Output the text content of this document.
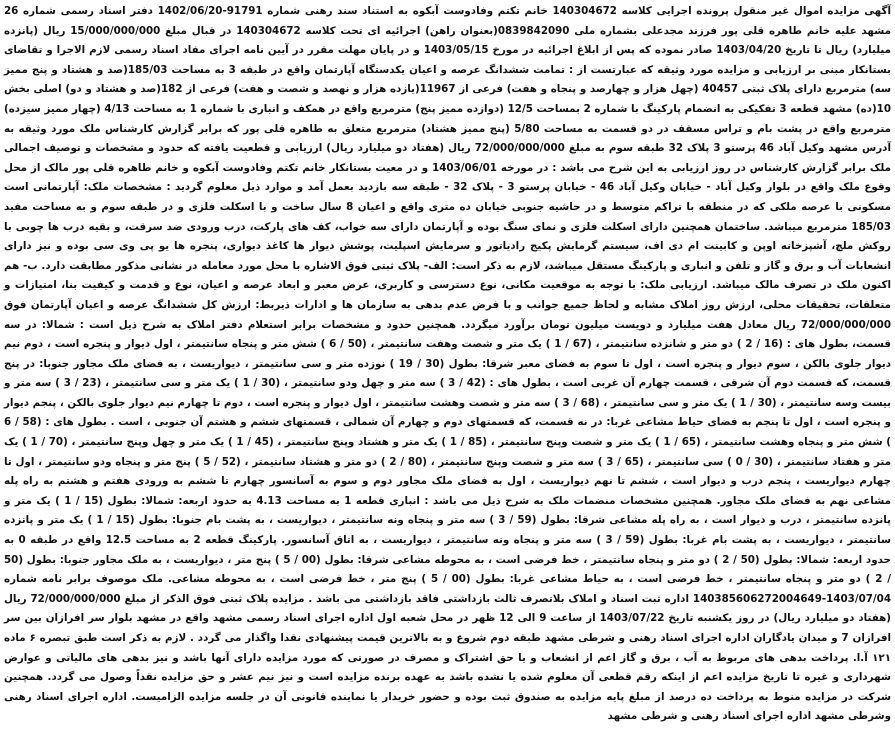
آگهی مزایده اموال غیر منقول پرونده اجرایی کلاسه 140304672 خانم تکتم وفادوست آبکوه به استناد سند رهنی شماره 91791-1402/06/20 دفتر اسناد رسمی شماره 26 مشهد علیه خانم طاهره قلی پور فرزند مجدعلی بشماره ملی 0839842090(بعنوان راهن) اجرائیه ای تحت کلاسه 140304672 در قبال مبلغ 15/000/000/000 ریال (پانزده میلیارد) ریال تا تاریخ 1403/04/20 صادر نموده که پس از ابلاغ اجرائیه در مورخ 1403/05/15 و در پایان مهلت مقرر در آیین نامه اجرای مفاد اسناد رسمی لازم الاجرا و تقاضای بستانکار مبنی بر ارزیابی و مزایده مورد وثیقه که عبارتست از : تمامت ششدانگ عرصه و اعیان یکدستگاه آپارتمان واقع در طبقه 3 به مساحت 185/03(صد و هشتاد و پنج ممیز سه) مترمربع دارای پلاک ثبتی 40457 (چهل هزار و چهارصد و پنجاه و هفت) فرعی از 11967(یازده هزار و نهصد و شصت و هفت) فرعی از 182(صد و هشتاد و دو) اصلی بخش 10(ده) مشهد قطعه 3 تفکیکی به انضمام پارکینگ با شماره 2 بمساحت 12/5 (دوازده ممیز پنج) مترمربع واقع در همکف و انباری با شماره 1 به مساحت 4/13 (چهار ممیز سیزده) مترمربع واقع در پشت بام و تراس مسقف در دو قسمت به مساحت 5/80 (پنج ممیز هشتاد) مترمربع متعلق به طاهره قلی پور که برابر گزارش کارشناس ملک مورد وثیقه به آدرس مشهد وکیل آباد 46 پرستو 3 پلاک 32 طبقه سوم به مبلغ 72/000/000/000 ریال (هفتاد دو میلیارد ریال) ارزیابی و قطعیت یافته که حدود و مشخصات و توصیف اجمالی ملک برابر گزارش کارشناس در روز ارزیابی به این شرح می باشد : در مورخه 1403/06/01 و در معیت بستانکار خانم تکتم وفادوست آبکوه و خانم طاهره قلی پور مالک از محل وقوع ملک واقع در بلوار وکیل آباد - خیابان وکیل آباد 46 - خیابان پرستو 3 - پلاک 32 - طبقه سه بازدید بعمل آمد و موارد ذیل معلوم گردید : مشخصات ملک: آپارتمانی است مسکونی با عرصه ملکی که در منطقه با تراکم متوسط و در حاشیه جنوبی خیابان ده متری واقع و اعیان 8 سال ساخت و با اسکلت فلزی و در طبقه سوم و به مساحت مفید 185/03 مترمربع میباشد. ساختمان همچنین دارای اسکلت فلزی و نمای سنگ بوده و آپارتمان دارای سه خواب، کف های پارکت، درب ورودی ضد سرقت، و بقیه درب ها چوبی با روکش ملچ، آشپزخانه اوپن و کابینت ام دی اف، سیستم گرمایش پکیج رادیاتور و سرمایش اسپلیت، پوشش دیوار ها کاغذ دیواری، پنجره ها یو پی وی سی بوده و نیز دارای انشعابات آب و برق و گاز و تلفن و انباری و پارکینگ مستقل میباشد، لازم به ذکر است: الف- پلاک ثبتی فوق الاشاره با محل مورد معامله در نشانی مذکور مطابقت دارد. ب- هم اکنون ملک در تصرف مالک میباشد. ارزیابی ملک: با توجه به موقعیت مکانی، نوع دسترسی و کاربری، عرض معبر و ابعاد عرصه و اعیان، نوع و قدمت و کیفیت بنا، امتیازات و متعلقات، تحقیقات محلی، ارزش روز املاک مشابه و لحاظ جمیع جوانب و با فرض عدم بدهی به سازمان ها و ادارات ذیربط: ارزش کل ششدانگ عرصه و اعیان آپارتمان فوق 72/000/000/000 ریال معادل هفت میلیارد و دویست میلیون تومان برآورد میگردد. همچنین حدود و مشخصات برابر استعلام دفتر املاک به شرح ذیل است : شمالا: در سه قسمت، بطول های : (16 / 2 ) دو متر و شانزده سانتیمتر ، (67 / 1 ) یک متر و شصت وهفت سانتیمتر ، (50 / 6 ) شش متر و پنجاه سانتیمتر ، اول دیوار و پنجره است ، دوم نیم دیوار جلوی بالکن ، سوم دیوار و پنجره است ، اول تا سوم به فضای معبر شرقا: بطول (30 / 19 ) نوزده متر و سی سانتیمتر ، دیواریست ، به فضای ملک مجاور جنوبا: در پنج قسمت، که قسمت دوم آن شرقی ، قسمت چهارم آن غربی است ، بطول های : (42 / 3 ) سه متر و چهل ودو سانتیمتر ، (30 / 1 ) یک متر و سی سانتیمتر ، (23 / 3 ) سه متر و بیست وسه سانتیمتر ، (30 / 1 ) یک متر و سی سانتیمتر ، (68 / 3 ) سه متر و شصت وهشت سانتیمتر ، اول دیوار و پنجره است ، دوم تا چهارم نیم دیوار جلوی بالکن ، پنجم دیوار و پنجره است ، اول تا پنجم به فضای حیاط مشاعی غربا: در نه قسمت، که قسمتهای دوم و چهارم آن شمالی ، قسمتهای ششم و هشتم آن جنوبی ، است . بطول های : (58 / 6 ) شش متر و پنجاه وهشت سانتیمتر ، (65 / 1 ) یک متر و شصت وپنج سانتیمتر ، (85 / 1 ) یک متر و هشتاد وپنج سانتیمتر ، (45 / 1 ) یک متر و چهل وپنج سانتیمتر ، (70 / 1 ) یک متر و هفتاد سانتیمتر ، (30 / 0 ) سی سانتیمتر ، (65 / 3 ) سه متر و شصت وپنج سانتیمتر ، (80 / 2 ) دو متر و هشتاد سانتیمتر ، (52 / 5 ) پنج متر و پنجاه ودو سانتیمتر ، اول تا چهارم دیواریست ، پنجم درب و دیوار است ، ششم تا نهم دیواریست ، اول به فضای ملک مجاور دوم و سوم به آسانسور چهارم تا ششم به ورودی هفتم و هشتم به راه پله مشاعی نهم به فضای ملک مجاور. همچنین مشخصات منضمات ملک به شرح ذیل می باشد : انباری قطعه 1 به مساحت 4.13 به حدود اربعه: شمالا: بطول (15 / 1 ) یک متر و پانزده سانتیمتر ، درب و دیوار است ، به راه پله مشاعی شرقا: بطول (59 / 3 ) سه متر و پنجاه ونه سانتیمتر ، دیواریست ، به پشت بام جنوبا: بطول (15 / 1 ) یک متر و پانزده سانتیمتر ، دیواریست ، به پشت بام غربا: بطول (59 / 3 ) سه متر و پنجاه ونه سانتیمتر ، دیواریست ، به اتاق آسانسور. پارکینگ قطعه 2 به مساحت 12.5 واقع در طبقه 0 به حدود اربعه: شمالا: بطول (50 / 2 ) دو متر و پنجاه سانتیمتر ، خط فرضی است ، به محوطه مشاعی شرقا: بطول (00 / 5 ) پنج متر ، دیواریست ، به ملک مجاور جنوبا: بطول (50 / 2 ) دو متر و پنجاه سانتیمتر ، خط فرضی است ، به حیاط مشاعی غربا: بطول (00 / 5 ) پنج متر ، خط فرضی است ، به محوطه مشاعی. ملک موصوف برابر نامه شماره 1403/07/04-140385606272004649 اداره ثبت اسناد و املاک بلاتصرف ثالث بازداشتی فاقد بازداشتی می باشد . مزایده پلاک ثبتی فوق الذکر از مبلغ 72/000/000/000 ریال (هفتاد دو میلیارد ریال) در روز یکشنبه تاریخ 1403/07/22 از ساعت 9 الی 12 ظهر در محل شعبه اول اداره اجرای اسناد رسمی مشهد واقع در مشهد بلوار سر افرازان بین سر افرازان 7 و میدان یادگاران اداره اجرای اسناد رهنی و شرطی مشهد طبقه دوم شروع و به بالاترین قیمت پیشنهادی نقدا واگذار می گردد . لازم به ذکر است طبق تبصره ۶ ماده ۱۲۱ آ.ا. پرداخت بدهی های مربوط به آب ، برق و گاز اعم از انشعاب و یا حق اشتراک و مصرف در صورتی که مورد مزایده دارای آنها باشد و نیز بدهی های مالیاتی و عوارض شهرداری و غیره تا تاریخ مزایده اعم از اینکه رقم قطعی آن معلوم شده یا نشده باشد به عهده برنده مزایده است و نیز نیم عشر و حق مزایده نقداً وصول می گردد. همچنین شرکت در مزایده منوط به پرداخت ده درصد از مبلغ پایه مزایده به صندوق ثبت بوده و حضور خریدار یا نماینده قانونی آن در جلسه مزایده الزامیست. اداره اجرای اسناد رهنی وشرطی مشهد اداره اجرای اسناد رهنی و شرطی مشهد
